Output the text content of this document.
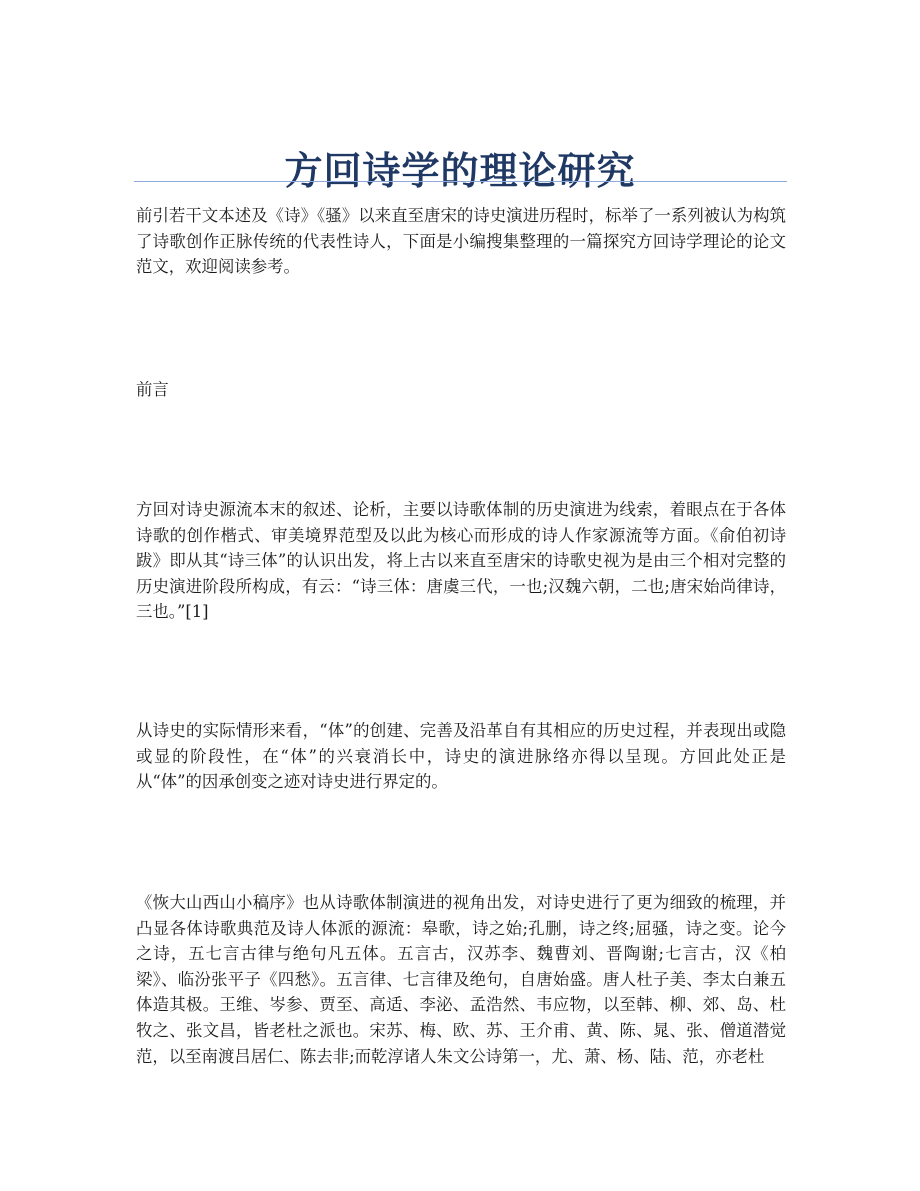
方回诗学的理论研究

前引若干文本述及《诗》《骚》以来直至唐宋的诗史演进历程时，标举了一系列被认为构筑了诗歌创作正脉传统的代表性诗人，下面是小编搜集整理的一篇探究方回诗学理论的论文范文，欢迎阅读参考。

前言

方回对诗史源流本末的叙述、论析，主要以诗歌体制的历史演进为线索，着眼点在于各体诗歌的创作楷式、审美境界范型及以此为核心而形成的诗人作家源流等方面。《俞伯初诗跋》即从其“诗三体”的认识出发，将上古以来直至唐宋的诗歌史视为是由三个相对完整的历史演进阶段所构成，有云：“诗三体：唐虞三代，一也;汉魏六朝，二也;唐宋始尚律诗，三也。”[1]

从诗史的实际情形来看，“体”的创建、完善及沿革自有其相应的历史过程，并表现出或隐或显的阶段性，在“体”的兴衰消长中，诗史的演进脉络亦得以呈现。方回此处正是从“体”的因承创变之迹对诗史进行界定的。

《恢大山西山小稿序》也从诗歌体制演进的视角出发，对诗史进行了更为细致的梳理，并凸显各体诗歌典范及诗人体派的源流：皋歌，诗之始;孔删，诗之终;屈骚，诗之变。论今之诗，五七言古律与绝句凡五体。五言古，汉苏李、魏曹刘、晋陶谢;七言古，汉《柏梁》、临汾张平子《四愁》。五言律、七言律及绝句，自唐始盛。唐人杜子美、李太白兼五体造其极。王维、岑参、贾至、高适、李泌、孟浩然、韦应物，以至韩、柳、郊、岛、杜牧之、张文昌，皆老杜之派也。宋苏、梅、欧、苏、王介甫、黄、陈、晁、张、僧道潜觉范，以至南渡吕居仁、陈去非;而乾淳诸人朱文公诗第一，尤、萧、杨、陆、范，亦老杜
